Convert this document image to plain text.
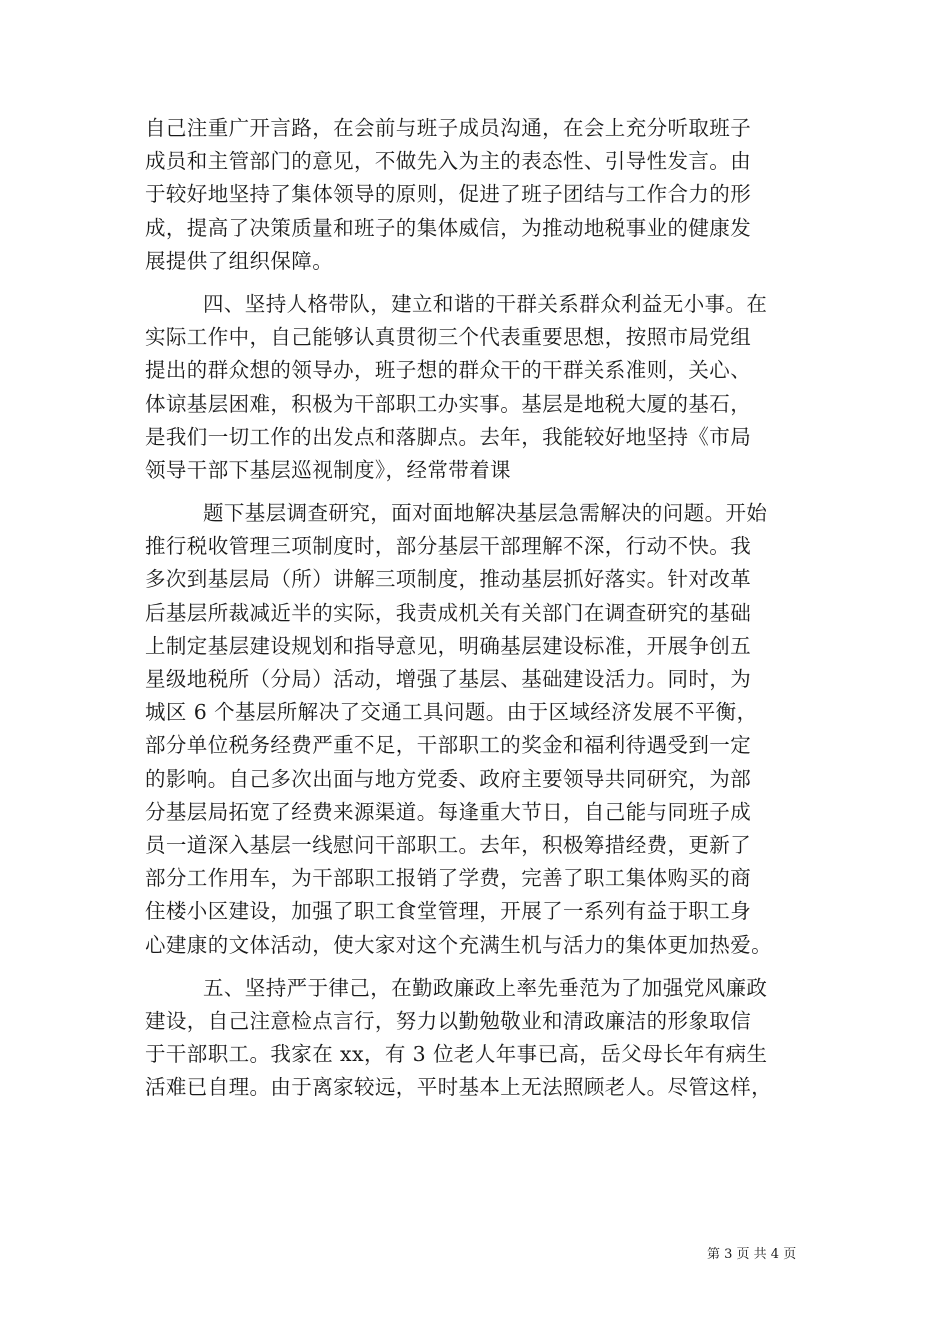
自己注重广开言路，在会前与班子成员沟通，在会上充分听取班子
成员和主管部门的意见，不做先入为主的表态性、引导性发言。由
于较好地坚持了集体领导的原则，促进了班子团结与工作合力的形
成，提高了决策质量和班子的集体威信，为推动地税事业的健康发
展提供了组织保障。
四、坚持人格带队，建立和谐的干群关系群众利益无小事。在
实际工作中，自己能够认真贯彻三个代表重要思想，按照市局党组
提出的群众想的领导办，班子想的群众干的干群关系准则，关心、
体谅基层困难，积极为干部职工办实事。基层是地税大厦的基石，
是我们一切工作的出发点和落脚点。去年，我能较好地坚持《市局
领导干部下基层巡视制度》，经常带着课
题下基层调查研究，面对面地解决基层急需解决的问题。开始
推行税收管理三项制度时，部分基层干部理解不深，行动不快。我
多次到基层局（所）讲解三项制度，推动基层抓好落实。针对改革
后基层所裁减近半的实际，我责成机关有关部门在调查研究的基础
上制定基层建设规划和指导意见，明确基层建设标准，开展争创五
星级地税所（分局）活动，增强了基层、基础建设活力。同时，为
城区 6 个基层所解决了交通工具问题。由于区域经济发展不平衡，
部分单位税务经费严重不足，干部职工的奖金和福利待遇受到一定
的影响。自己多次出面与地方党委、政府主要领导共同研究，为部
分基层局拓宽了经费来源渠道。每逢重大节日，自己能与同班子成
员一道深入基层一线慰问干部职工。去年，积极筹措经费，更新了
部分工作用车，为干部职工报销了学费，完善了职工集体购买的商
住楼小区建设，加强了职工食堂管理，开展了一系列有益于职工身
心建康的文体活动，使大家对这个充满生机与活力的集体更加热爱。
五、坚持严于律己，在勤政廉政上率先垂范为了加强党风廉政
建设，自己注意检点言行，努力以勤勉敬业和清政廉洁的形象取信
于干部职工。我家在 xx，有 3 位老人年事已高，岳父母长年有病生
活难已自理。由于离家较远，平时基本上无法照顾老人。尽管这样，
第 3 页 共 4 页
